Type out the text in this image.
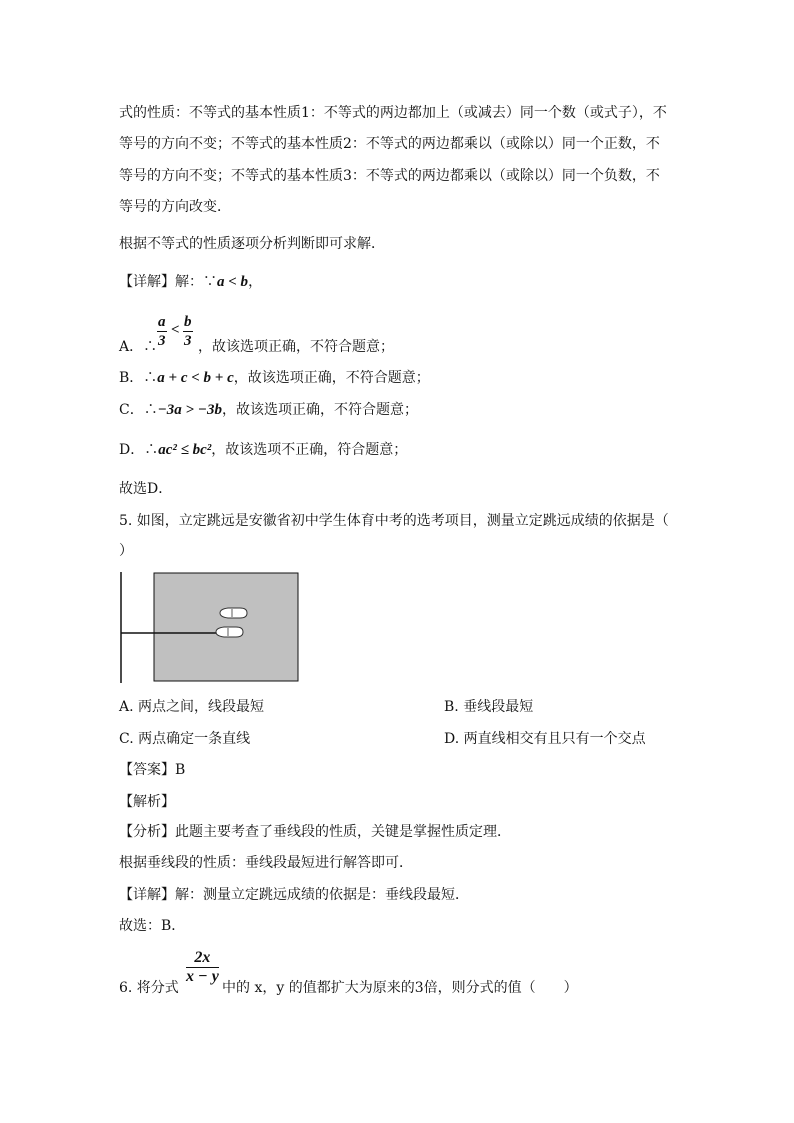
式的性质：不等式的基本性质1：不等式的两边都加上（或减去）同一个数（或式子），不
等号的方向不变；不等式的基本性质2：不等式的两边都乘以（或除以）同一个正数，不
等号的方向不变；不等式的基本性质3：不等式的两边都乘以（或除以）同一个负数，不
等号的方向改变．
根据不等式的性质逐项分析判断即可求解．
【详解】解：∵a < b，
A．∴ $\frac{a}{3} < \frac{b}{3}$ ，故该选项正确，不符合题意；
B．∴a + c < b + c，故该选项正确，不符合题意；
C．∴−3a > −3b，故该选项正确，不符合题意；
D．∴ac² ≤ bc²，故该选项不正确，符合题意；
故选D．
5. 如图，立定跳远是安徽省初中学生体育中考的选考项目，测量立定跳远成绩的依据是（
）
A. 两点之间，线段最短	B. 垂线段最短
C. 两点确定一条直线	D. 两直线相交有且只有一个交点
【答案】B
【解析】
【分析】此题主要考查了垂线段的性质，关键是掌握性质定理．
根据垂线段的性质：垂线段最短进行解答即可．
【详解】解：测量立定跳远成绩的依据是：垂线段最短．
故选：B．
6. 将分式
$\frac{2x}{x - y}$
中的 x，y 的值都扩大为原来的3倍，则分式的值（　　）
